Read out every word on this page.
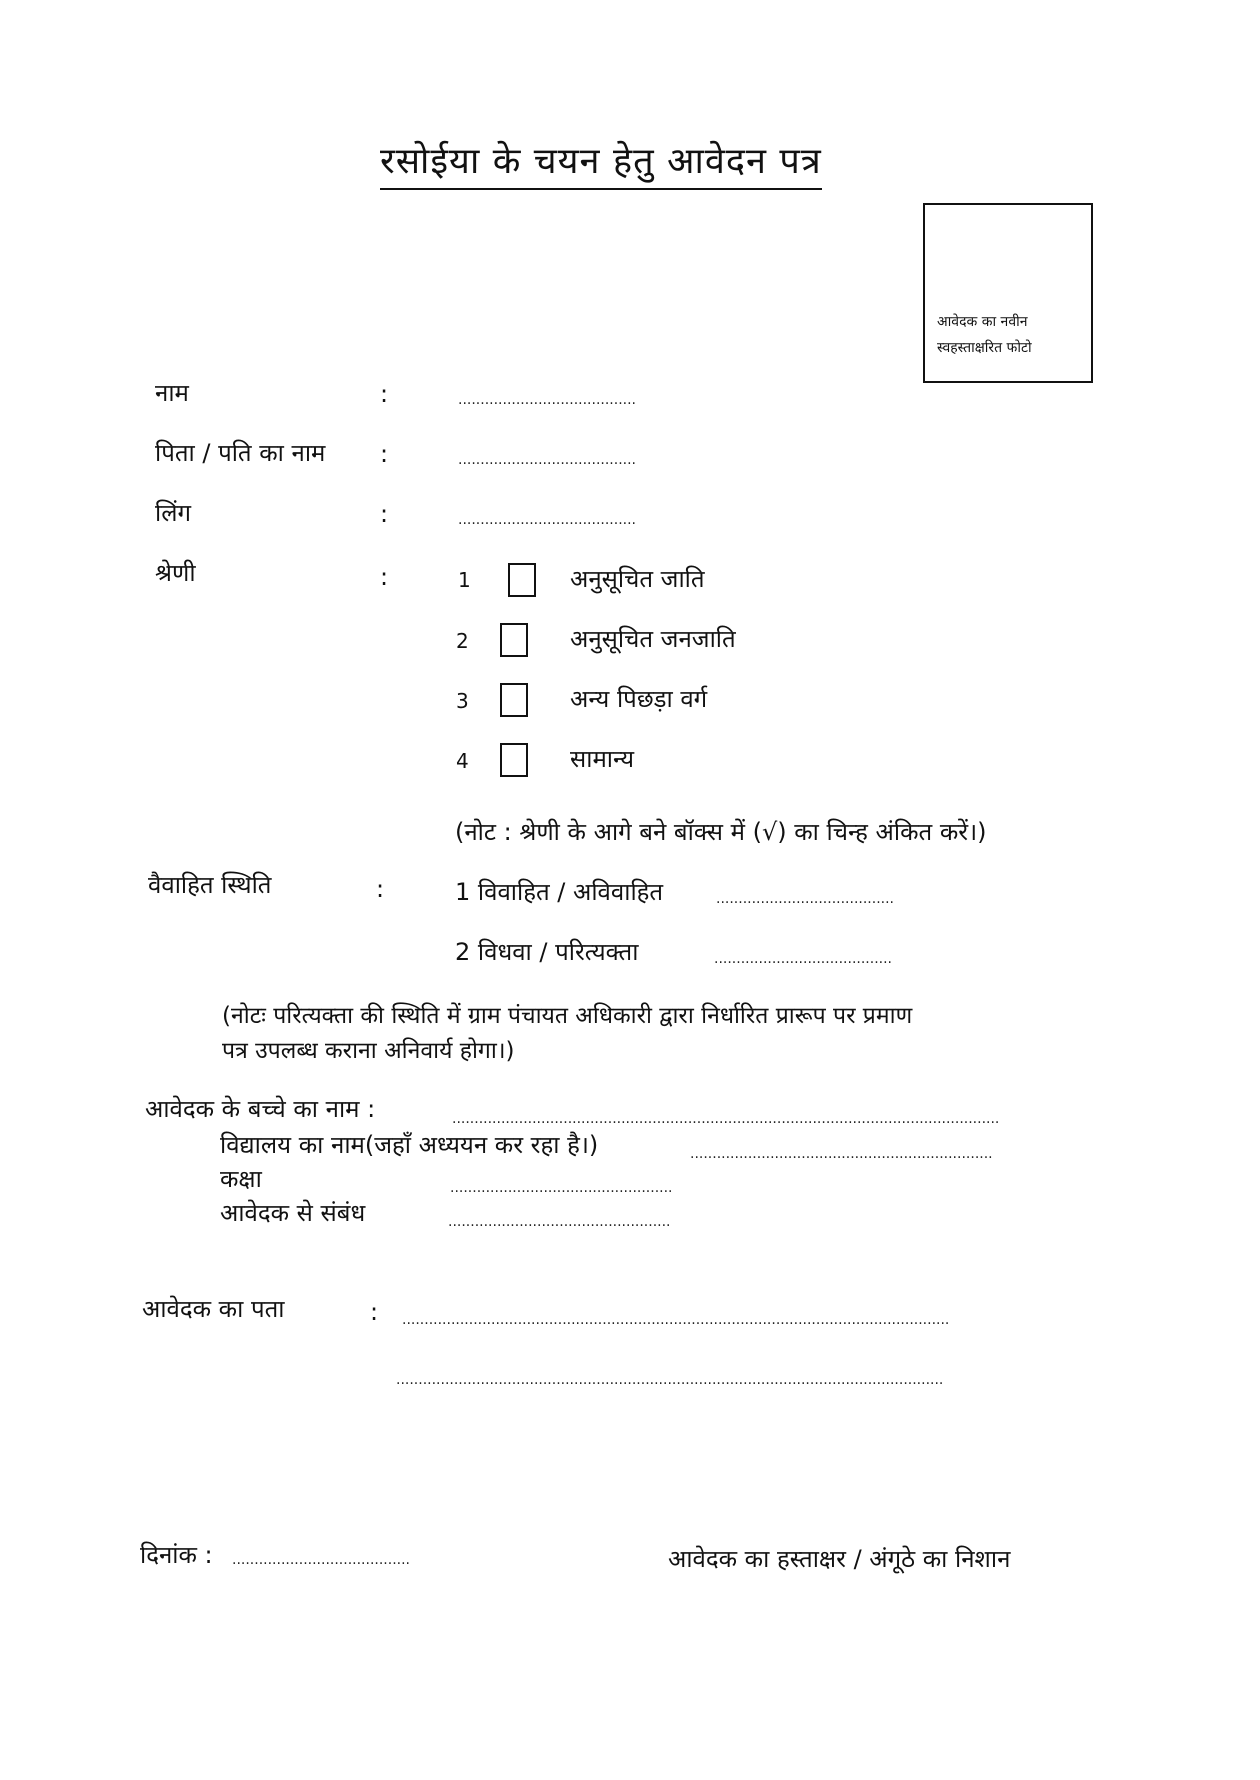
रसोईया के चयन हेतु आवेदन पत्र
आवेदक का नवीन
स्वहस्ताक्षरित फोटो
नाम	:	........................................
पिता / पति का नाम :	........................................
लिंग	:	........................................
श्रेणी	:	1	अनुसूचित जाति
2	अनुसूचित जनजाति
3	अन्य पिछड़ा वर्ग
4	सामान्य
(नोट : श्रेणी के आगे बने बॉक्स में (√) का चिन्ह अंकित करें।)
वैवाहित स्थिति	:	1 विवाहित / अविवाहित	........................................
2 विधवा / परित्यक्ता	........................................
(नोटः परित्यक्ता की स्थिति में ग्राम पंचायत अधिकारी द्वारा निर्धारित प्रारूप पर प्रमाण
पत्र उपलब्ध कराना अनिवार्य होगा।)
आवेदक के बच्चे का नाम :	...........................................................................................................................
विद्यालय का नाम(जहाँ अध्ययन कर रहा है।)	....................................................................
कक्षा	..................................................
आवेदक से संबंध	..................................................
आवेदक का पता	: ...........................................................................................................................
...........................................................................................................................
दिनांक : ........................................	आवेदक का हस्ताक्षर / अंगूठे का निशान
